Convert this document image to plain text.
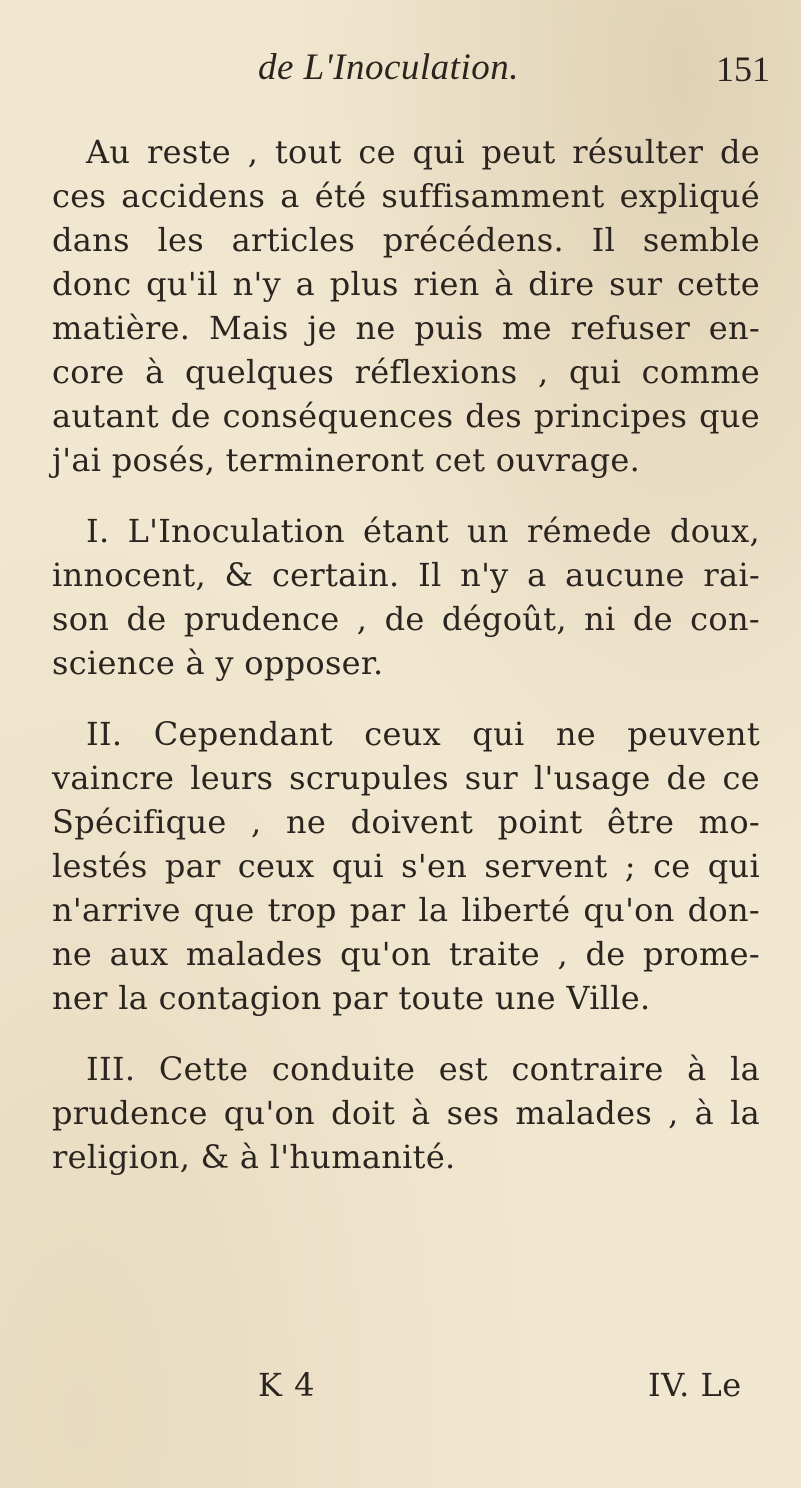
de L'Inoculation.	151
Au reste , tout ce qui peut résulter de
ces accidens a été suffisamment expliqué
dans les articles précédens. Il semble
donc qu'il n'y a plus rien à dire sur cette
matière. Mais je ne puis me refuser en-
core à quelques réflexions , qui comme
autant de conséquences des principes que
j'ai posés, termineront cet ouvrage.
I. L'Inoculation étant un rémede doux,
innocent, & certain. Il n'y a aucune rai-
son de prudence , de dégoût, ni de con-
science à y opposer.
II. Cependant ceux qui ne peuvent
vaincre leurs scrupules sur l'usage de ce
Spécifique , ne doivent point être mo-
lestés par ceux qui s'en servent ; ce qui
n'arrive que trop par la liberté qu'on don-
ne aux malades qu'on traite , de prome-
ner la contagion par toute une Ville.
III. Cette conduite est contraire à la
prudence qu'on doit à ses malades , à la
religion, & à l'humanité.
K 4	IV. Le
